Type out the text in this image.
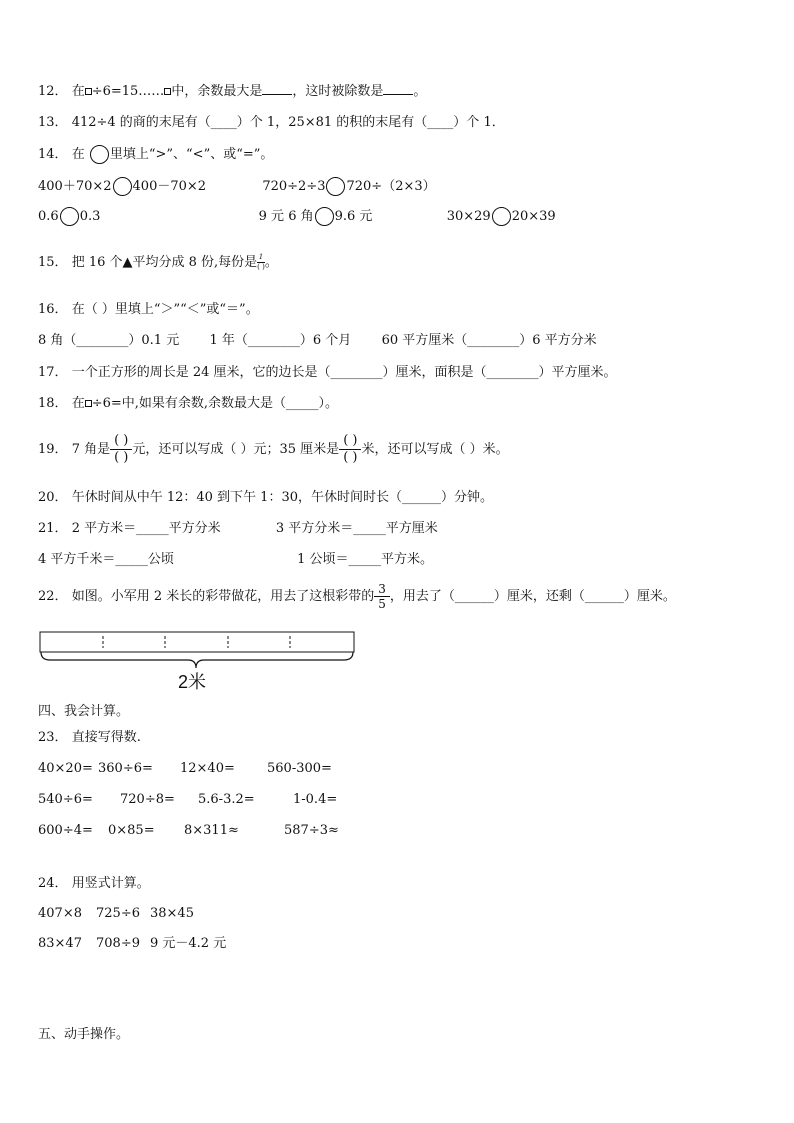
12． 在 ÷6=15…… 中，余数最大是 ，这时被除数是 。
13． 412÷4 的商的末尾有（____）个 1，25×81 的积的末尾有（____）个 1．
14． 在 里填上“>”、“<”、或“=”。
400＋70×2 400－70×2	720÷2÷3 720÷（2×3）
0.6 0.3	9 元 6 角 9.6 元	30×29 20×39
15． 把 16 个▲平均分成 8 份,每份是 $\frac{1}{( )}$ 。
16． 在（ ）里填上“＞”“＜”或“＝”。
8 角（________）0.1 元 1 年（________）6 个月 60 平方厘米（________）6 平方分米
17． 一个正方形的周长是 24 厘米，它的边长是（________）厘米，面积是（________）平方厘米。
18． 在 ÷6=中,如果有余数,余数最大是（_____）。
19． 7 角是 $\frac{( )}{( )}$ 元，还可以写成（ ）元；35 厘米是 $\frac{( )}{( )}$ 米，还可以写成（ ）米。
20． 午休时间从中午 12：40 到下午 1：30，午休时间时长（______）分钟。
21． 2 平方米＝_____平方分米	3 平方分米＝_____平方厘米
4 平方千米＝_____公顷	1 公顷＝_____平方米。
22． 如图。小军用 2 米长的彩带做花，用去了这根彩带的 $\frac{3}{5}$ ，用去了（______）厘米，还剩（______）厘米。
2米
四、我会计算。
23． 直接写得数.
40×20= 360÷6= 12×40= 560-300=
540÷6= 720÷8= 5.6-3.2=	1-0.4=
600÷4= 0×85= 8×311≈	587÷3≈
24． 用竖式计算。
407×8 725÷6 38×45
83×47 708÷9 9 元－4.2 元
五、动手操作。
